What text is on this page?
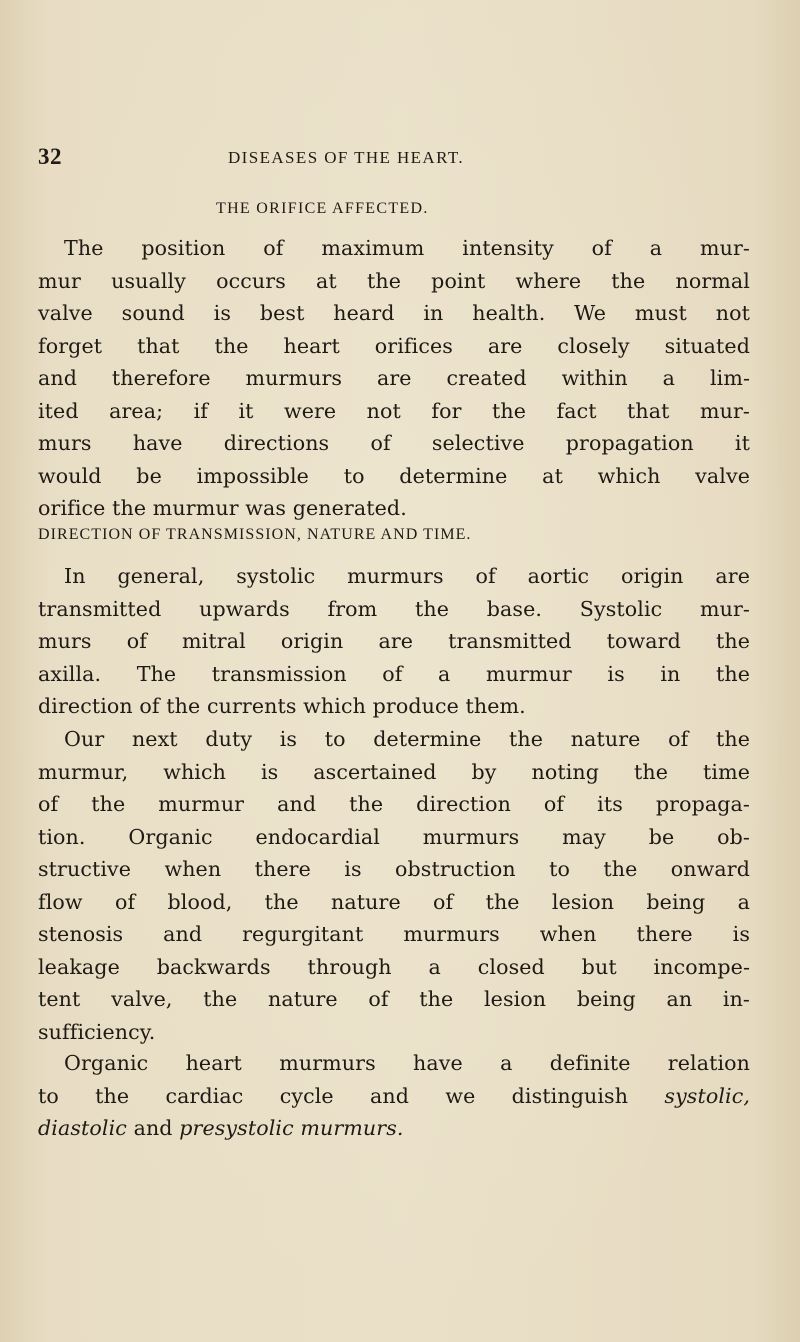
32	DISEASES OF THE HEART.
THE ORIFICE AFFECTED.
The position of maximum intensity of a mur-
mur usually occurs at the point where the normal
valve sound is best heard in health. We must not
forget that the heart orifices are closely situated
and therefore murmurs are created within a lim-
ited area; if it were not for the fact that mur-
murs have directions of selective propagation it
would be impossible to determine at which valve
orifice the murmur was generated.
DIRECTION OF TRANSMISSION, NATURE AND TIME.
In general, systolic murmurs of aortic origin are
transmitted upwards from the base. Systolic mur-
murs of mitral origin are transmitted toward the
axilla. The transmission of a murmur is in the
direction of the currents which produce them.
Our next duty is to determine the nature of the
murmur, which is ascertained by noting the time
of the murmur and the direction of its propaga-
tion. Organic endocardial murmurs may be ob-
structive when there is obstruction to the onward
flow of blood, the nature of the lesion being a
stenosis and regurgitant murmurs when there is
leakage backwards through a closed but incompe-
tent valve, the nature of the lesion being an in-
sufficiency.
Organic heart murmurs have a definite relation
to the cardiac cycle and we distinguish systolic,
diastolic and presystolic murmurs.
